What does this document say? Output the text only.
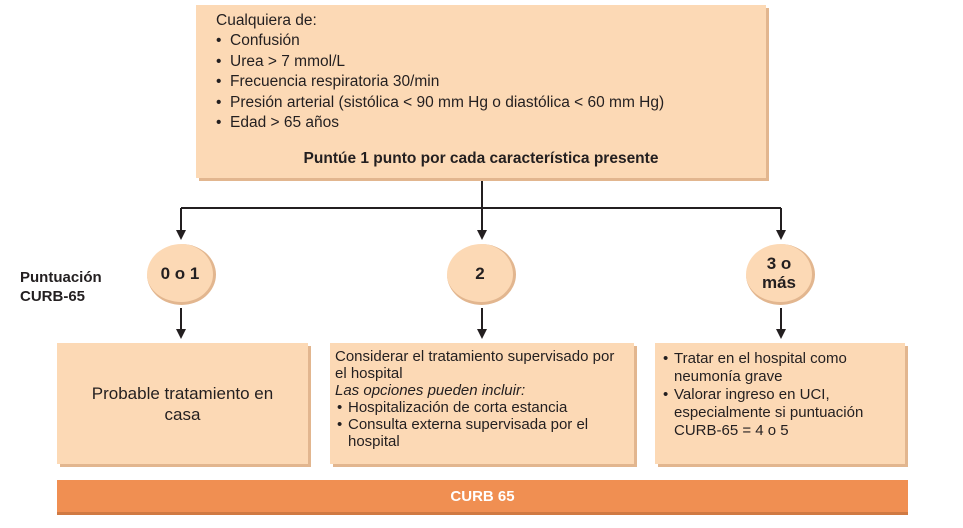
Cualquiera de:
• Confusión
• Urea > 7 mmol/L
• Frecuencia respiratoria 30/min
• Presión arterial (sistólica < 90 mm Hg o diastólica < 60 mm Hg)
• Edad > 65 años
Puntúe 1 punto por cada característica presente
Puntuación CURB-65
0 o 1	2	3 o más
Probable tratamiento en casa
Considerar el tratamiento supervisado por el hospital
Las opciones pueden incluir:
• Hospitalización de corta estancia
• Consulta externa supervisada por el hospital
• Tratar en el hospital como neumonía grave
• Valorar ingreso en UCI, especialmente si puntuación CURB-65 = 4 o 5
CURB 65
